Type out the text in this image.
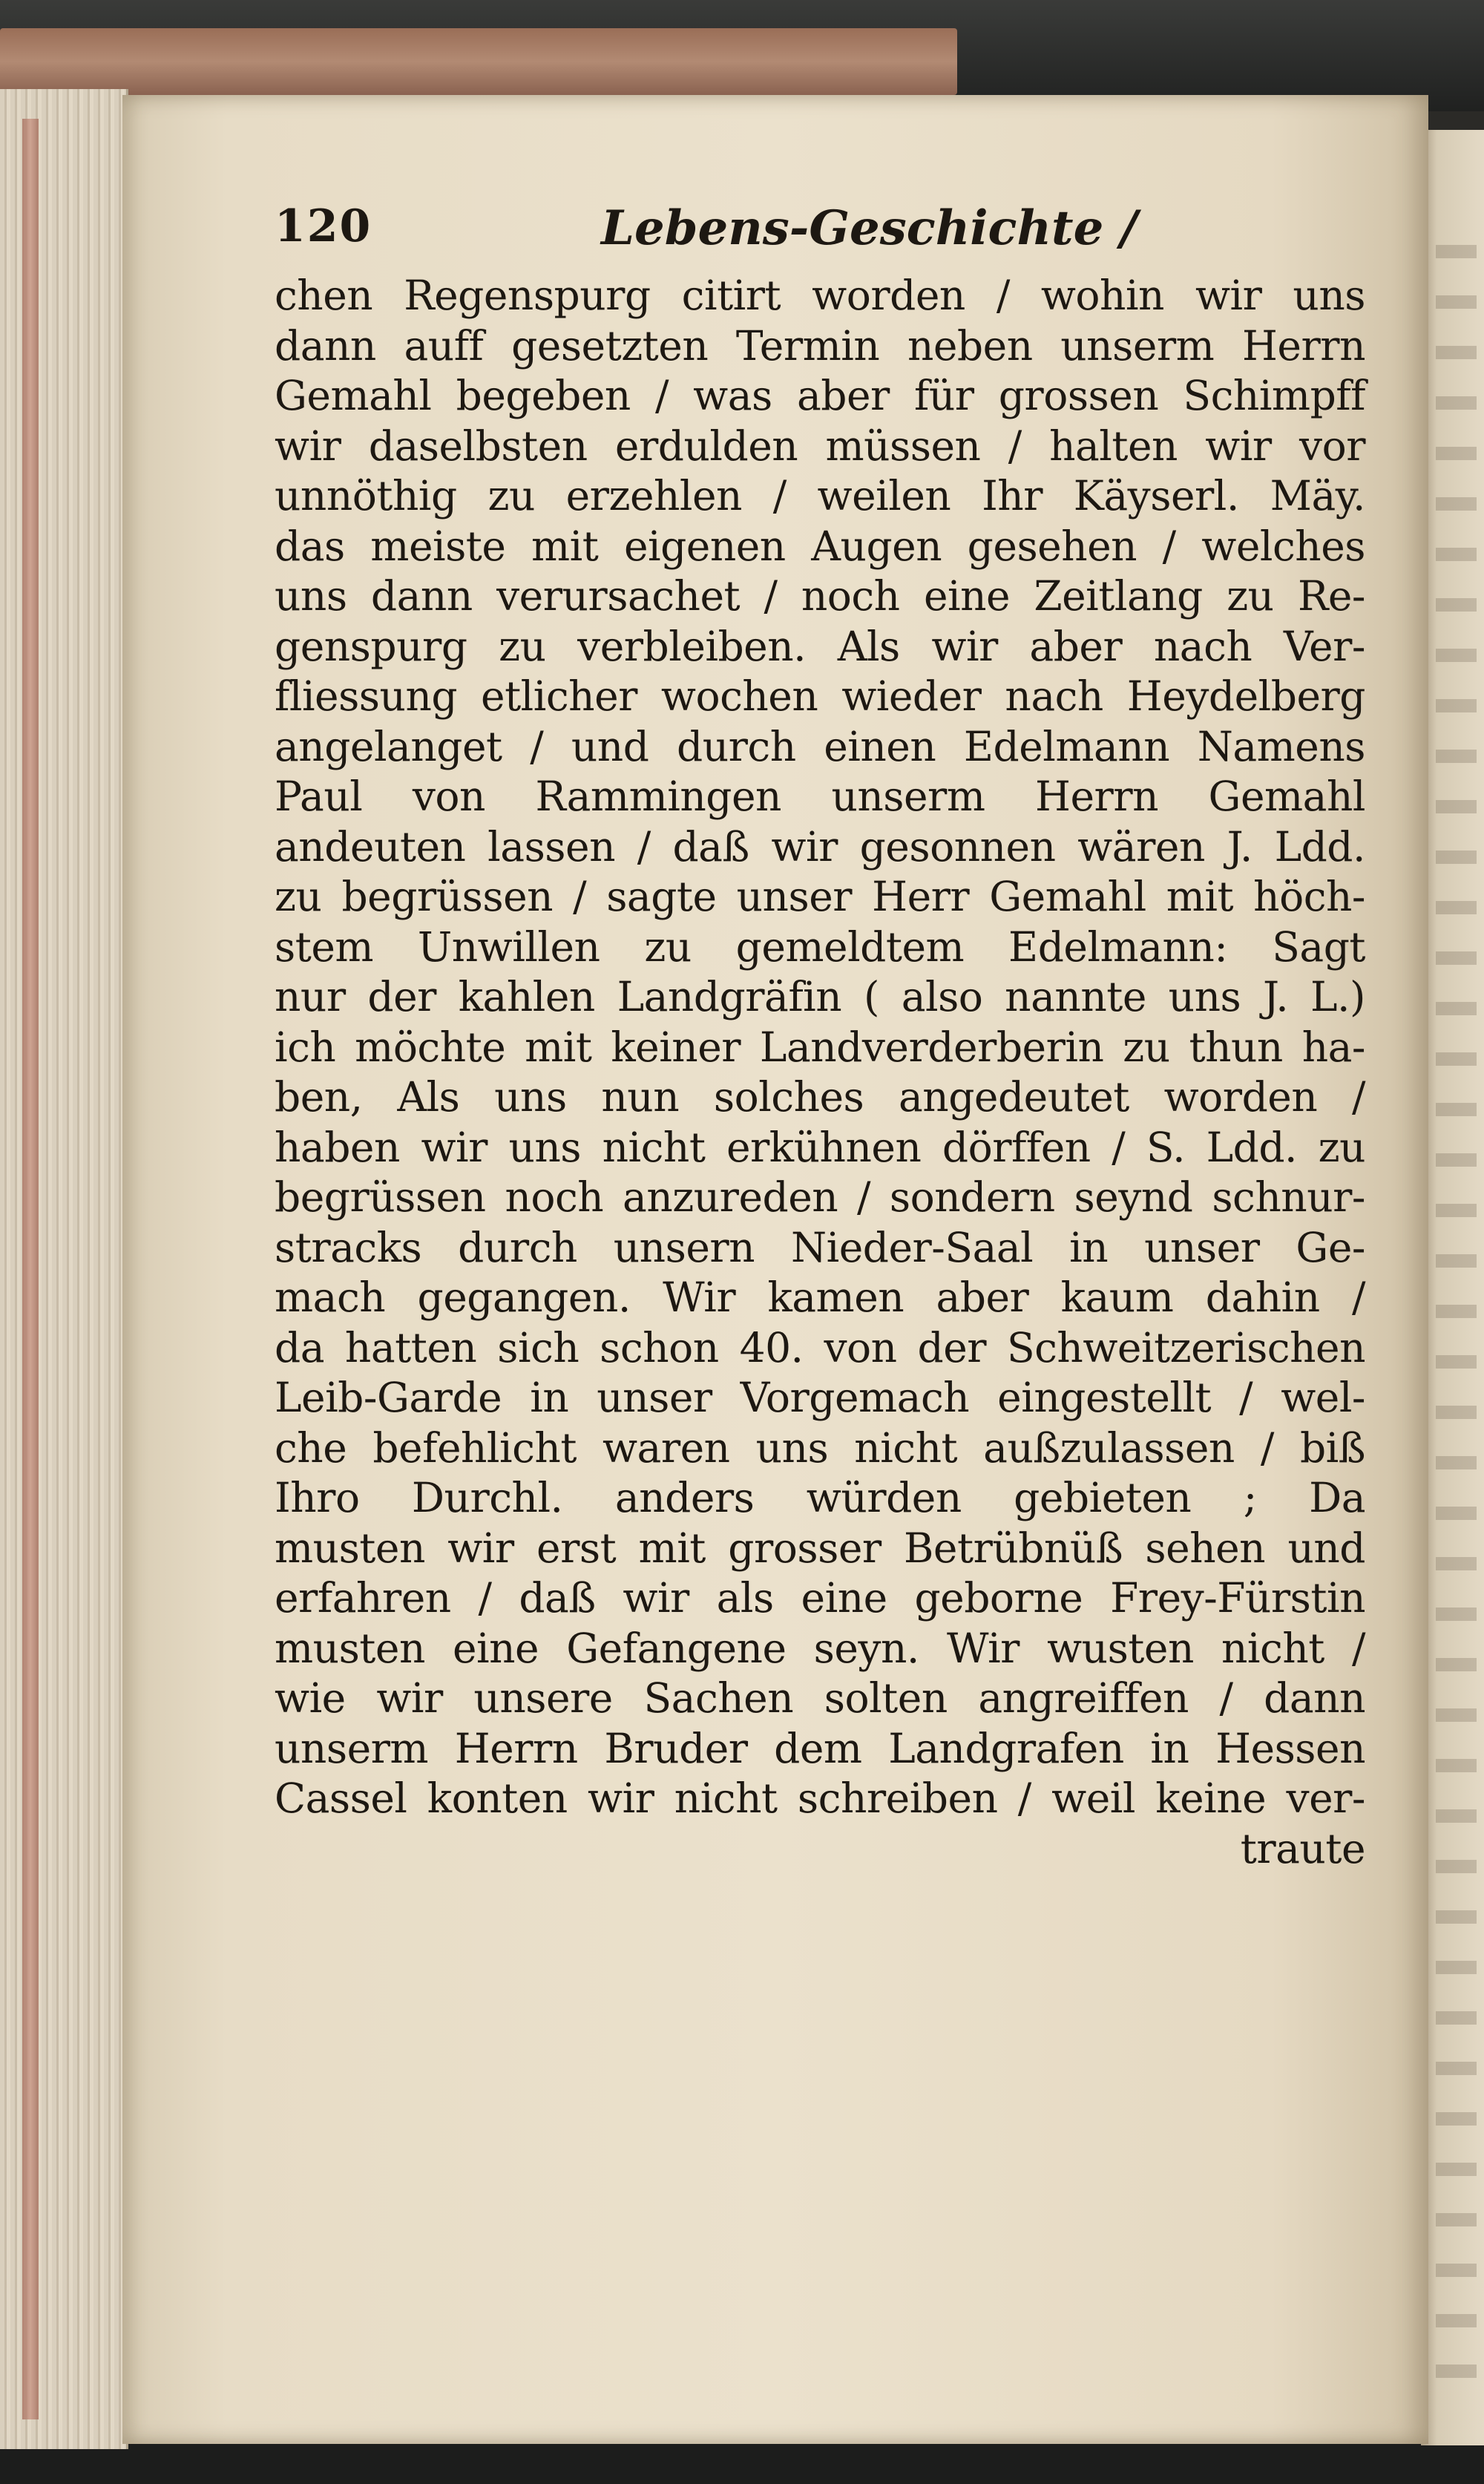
120	Lebens-Geschichte /
chen Regenspurg citirt worden / wohin wir uns
dann auff gesetzten Termin neben unserm Herrn
Gemahl begeben / was aber für grossen Schimpff
wir daselbsten erdulden müssen / halten wir vor
unnöthig zu erzehlen / weilen Ihr Käyserl. Mäy.
das meiste mit eigenen Augen gesehen / welches
uns dann verursachet / noch eine Zeitlang zu Re-
genspurg zu verbleiben. Als wir aber nach Ver-
fliessung etlicher wochen wieder nach Heydelberg
angelanget / und durch einen Edelmann Namens
Paul von Rammingen unserm Herrn Gemahl
andeuten lassen / daß wir gesonnen wären J. Ldd.
zu begrüssen / sagte unser Herr Gemahl mit höch-
stem Unwillen zu gemeldtem Edelmann: Sagt
nur der kahlen Landgräfin ( also nannte uns J. L.)
ich möchte mit keiner Landverderberin zu thun ha-
ben, Als uns nun solches angedeutet worden /
haben wir uns nicht erkühnen dörffen / S. Ldd. zu
begrüssen noch anzureden / sondern seynd schnur-
stracks durch unsern Nieder-Saal in unser Ge-
mach gegangen. Wir kamen aber kaum dahin /
da hatten sich schon 40. von der Schweitzerischen
Leib-Garde in unser Vorgemach eingestellt / wel-
che befehlicht waren uns nicht außzulassen / biß
Ihro Durchl. anders würden gebieten ; Da
musten wir erst mit grosser Betrübnüß sehen und
erfahren / daß wir als eine geborne Frey-Fürstin
musten eine Gefangene seyn. Wir wusten nicht /
wie wir unsere Sachen solten angreiffen / dann
unserm Herrn Bruder dem Landgrafen in Hessen
Cassel konten wir nicht schreiben / weil keine ver-
traute
